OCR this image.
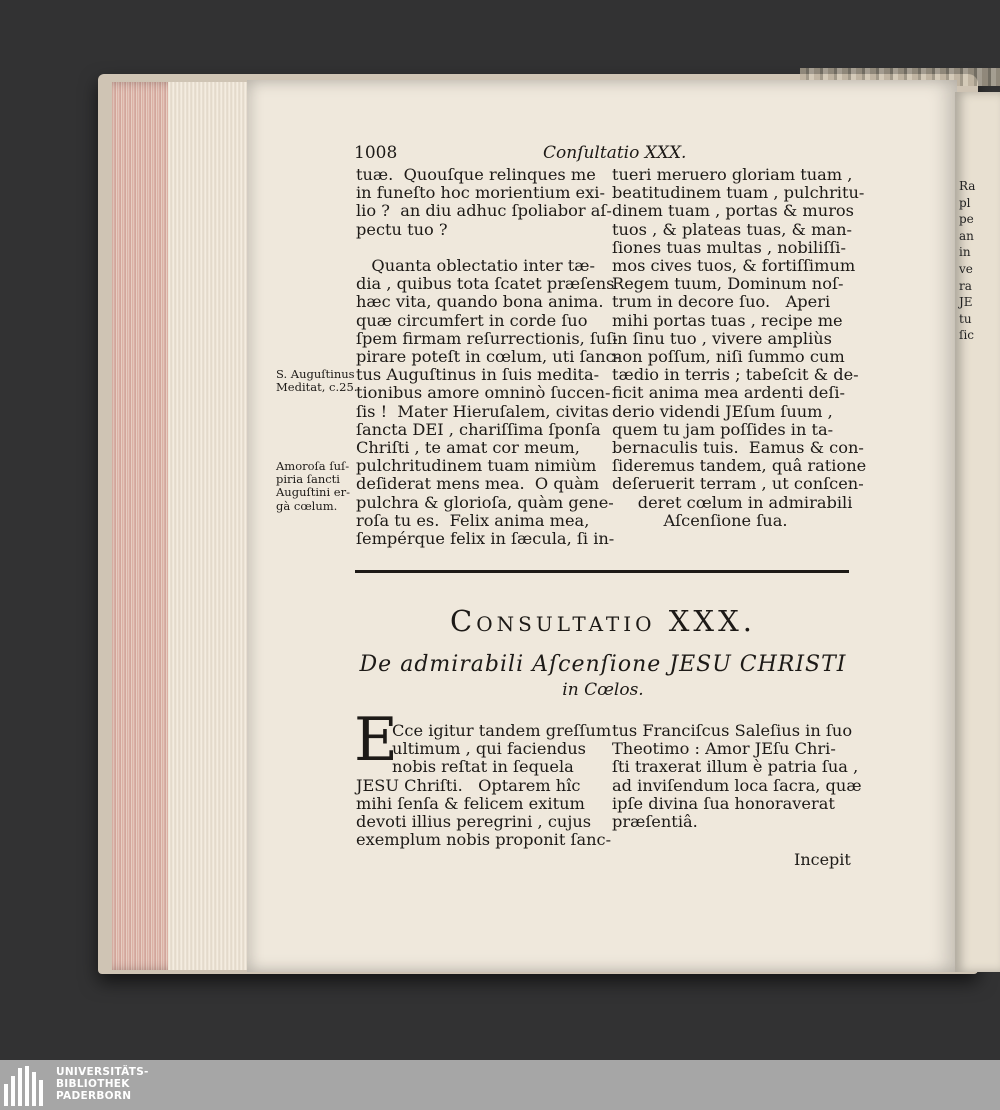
Ra
pl
pe
an
in
ve
ra
JE
tu
ſic
1008	Conſultatio XXX.
tuæ.  Quouſque relinques me
in funeſto hoc morientium exi-
lio ?  an diu adhuc ſpoliabor
pectu tuo ?

Quanta oblectatio inter tæ-
dia , quibus tota ſcatet præſens
hæc vita, quando bona anima.
quæ circumfert in corde ſuo
ſpem firmam reſurrectionis,
pirare poteſt in cœlum, uti
tus Auguſtinus in ſuis medita-
tionibus amore omninò ſuccen-
ſis !  Mater Hieruſalem, civitas
ſancta DEI , chariſſima ſponſa
Chriſti , te amat cor meum,
pulchritudinem tuam nimiùm
deſiderat mens mea.  O quàm
pulchra & glorioſa, quàm gene-
roſa tu es.  Felix anima mea,
ſempérque felix in ſæcula, ſi
tueri meruero gloriam tuam ,
beatitudinem tuam , pulchritu-
dinem tuam , portas & muros
tuos , & plateas tuas, & man-
ſiones tuas multas , nobiliſſi-
mos cives tuos, & fortiſſimum
Regem tuum, Dominum noſ-
trum in decore ſuo.   Aperi
mihi portas tuas , recipe me
in ſinu tuo , vivere ampliùs
non poſſum, niſi ſummo cum
tædio in terris ; tabeſcit & de-
ficit anima mea ardenti deſi-
derio videndi JEſum ſuum ,
quem tu jam poſſides in ta-
bernaculis tuis.  Eamus & con-
ſideremus tandem, quâ ratione
deſeruerit terram , ut conſcen-
deret cœlum in admirabili
Aſcenſione ſua.
S. Auguſtinus
Meditat, c.25.
Amoroſa ſuſ-
piria ſancti
Auguſtini er-
gà cœlum.
Consultatio XXX.
De admirabili Aſcenſione JESU CHRISTI
in Cœlos.
E
Cce igitur tandem greſſum
ultimum , qui faciendus
nobis reſtat in ſequela
JESU Chriſti.   Optarem hîc
mihi ſenſa & felicem exitum
devoti illius peregrini , cujus
exemplum nobis proponit ſanc-
tus Franciſcus Saleſius in ſuo
Theotimo : Amor JEſu Chri-
ſti traxerat illum è patria ſua
ad inviſendum loca ſacra, quæ
ipſe divina ſua honoraverat
præſentiâ.
Incepit
UNIVERSITÄTS-
BIBLIOTHEK
PADERBORN
